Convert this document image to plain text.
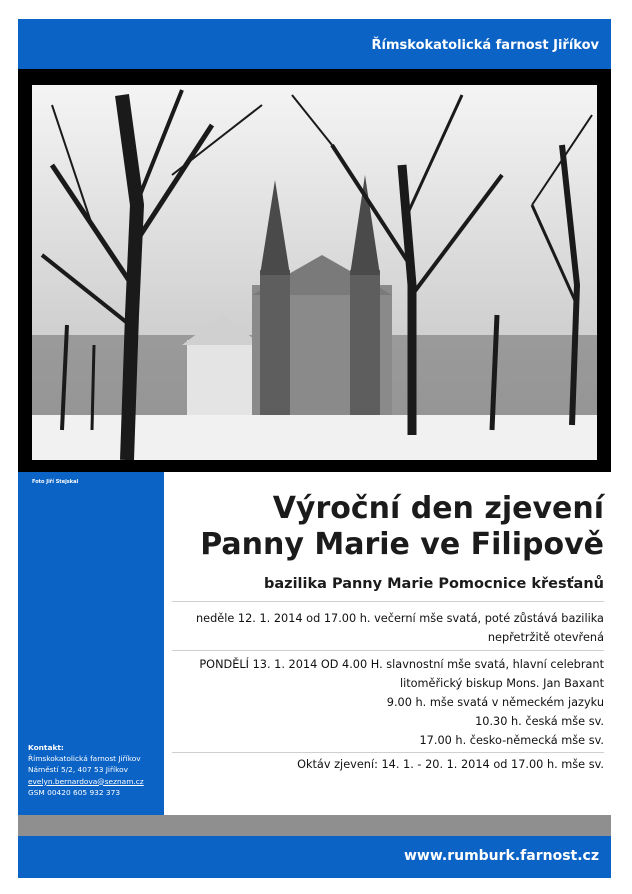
Římskokatolická farnost Jiříkov
Foto Jiří Stejskal
Kontakt:
Římskokatolická farnost Jiříkov
Náměstí 5/2, 407 53 Jiříkov
evelyn.bernardova@seznam.cz
GSM 00420 605 932 373
Výroční den zjevení
Panny Marie ve Filipově
bazilika Panny Marie Pomocnice křesťanů
neděle 12. 1. 2014 od 17.00 h. večerní mše svatá, poté zůstává bazilika
nepřetržitě otevřená
PONDĚLÍ 13. 1. 2014 OD 4.00 H. slavnostní mše svatá, hlavní celebrant
litoměřický biskup Mons. Jan Baxant
9.00 h. mše svatá v německém jazyku
10.30 h. česká mše sv.
17.00 h. česko-německá mše sv.
Oktáv zjevení: 14. 1. - 20. 1. 2014 od 17.00 h. mše sv.
www.rumburk.farnost.cz
